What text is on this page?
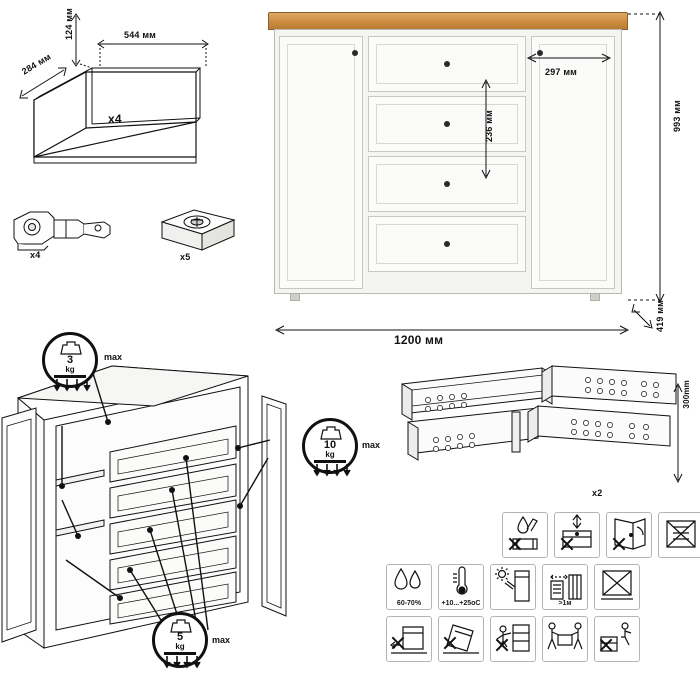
124 мм	544 мм
284 мм
x4
x4	x5
993 мм
1200 мм
419 мм
297 мм
236 мм
3
kg
max
10
kg
max
5
kg
max
x2
300mm
60-70%	+10...+25оC	>1м
